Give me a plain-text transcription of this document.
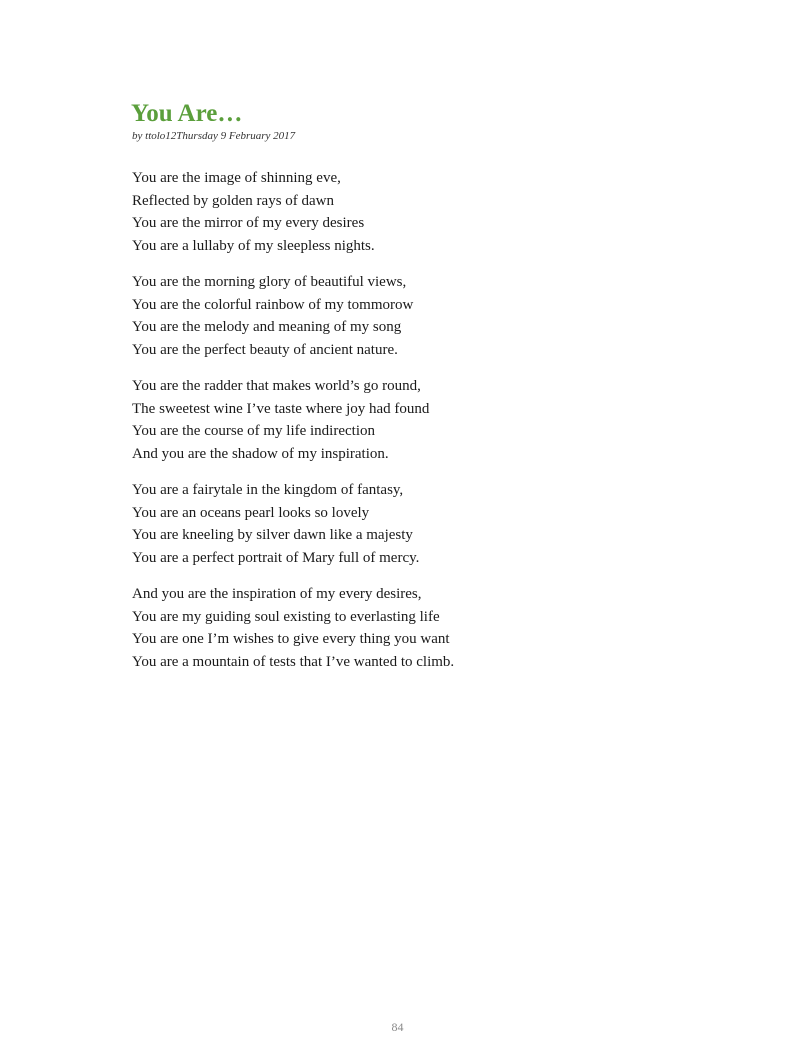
You Are…
by ttolo12Thursday 9 February 2017
You are the image of shinning eve,
Reflected by golden rays of dawn
You are the mirror of my every desires
You are a lullaby of my sleepless nights.
You are the morning glory of beautiful views,
You are the colorful rainbow of my tommorow
You are the melody and meaning of my song
You are the perfect beauty of ancient nature.
You are the radder that makes world’s go round,
The sweetest wine I’ve taste where joy had found
You are the course of my life indirection
And you are the shadow of my inspiration.
You are a fairytale in the kingdom of fantasy,
You are an oceans pearl looks so lovely
You are kneeling by silver dawn like a majesty
You are a perfect portrait of Mary full of mercy.
And you are the inspiration of my every desires,
You are my guiding soul existing to everlasting life
You are one I’m wishes to give every thing you want
You are a mountain of tests that I’ve wanted to climb.
84
